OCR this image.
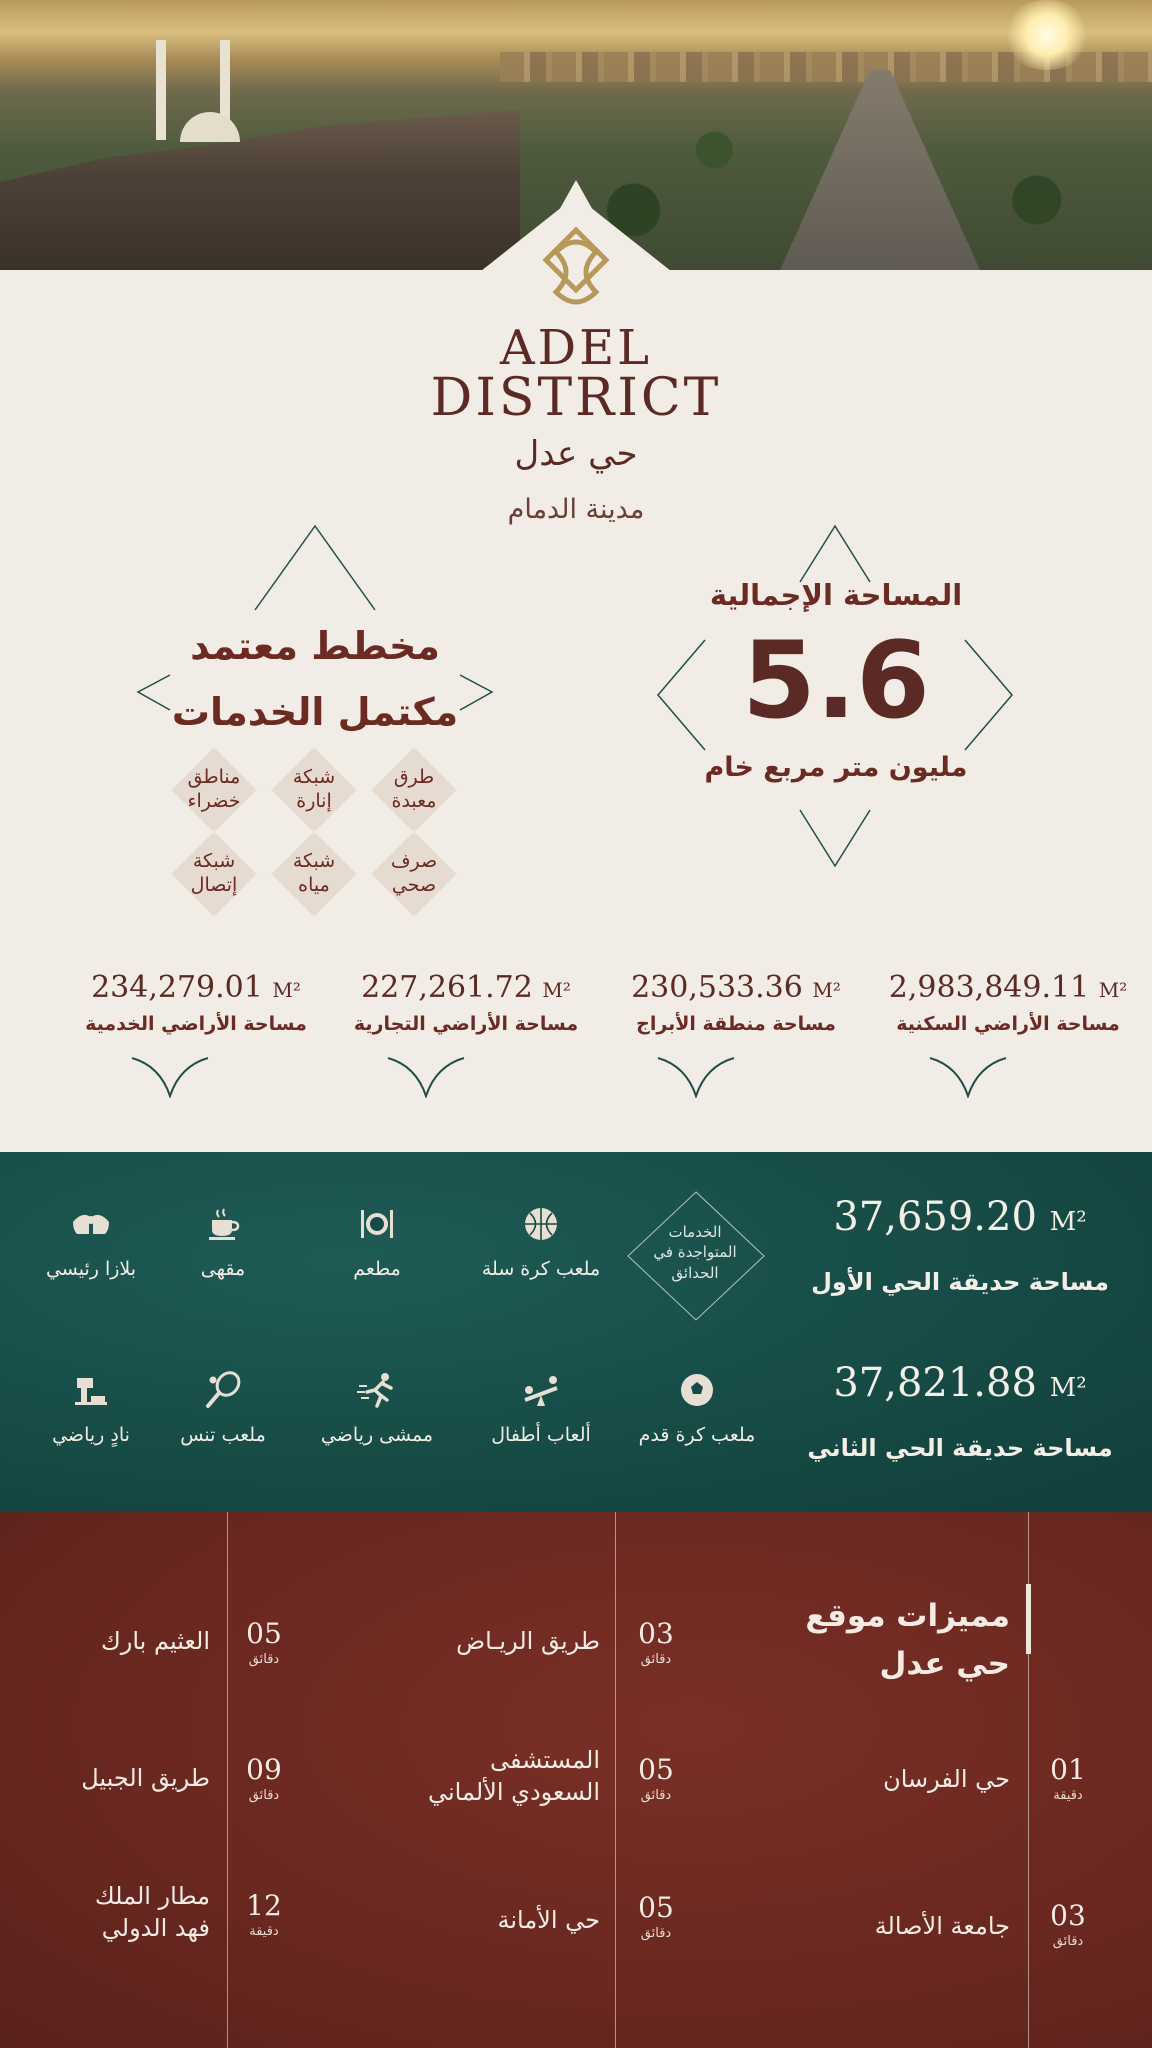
ADEL
DISTRICT
حي عدل
مدينة الدمام
المساحة الإجمالية
5.6
مليون متر مربع خام
مخطط معتمد
مكتمل الخدمات
طرق
معبدة
شبكة
إنارة
مناطق
خضراء
صرف
صحي
شبكة
مياه
شبكة
إتصال
2,983,849.11 M²
مساحة الأراضي السكنية
230,533.36 M²
مساحة منطقة الأبراج
227,261.72 M²
مساحة الأراضي التجارية
234,279.01 M²
مساحة الأراضي الخدمية
37,659.20 M²
مساحة حديقة الحي الأول
37,821.88 M²
مساحة حديقة الحي الثاني
الخدمات المتواجدة في الحدائق
ملعب كرة سلة
مطعم
مقهى
بلازا رئيسي
ملعب كرة قدم
ألعاب أطفال
ممشى رياضي
ملعب تنس
نادٍ رياضي
مميزات موقع
حي عدل
01
دقيقة
حي الفرسان
03
دقائق
جامعة الأصالة
03
دقائق
طريق الريـاض
05
دقائق
المستشفى
السعودي الألماني
05
دقائق
حي الأمانة
05
دقائق
العثيم بارك
09
دقائق
طريق الجبيل
12
دقيقة
مطار الملك
فهد الدولي
